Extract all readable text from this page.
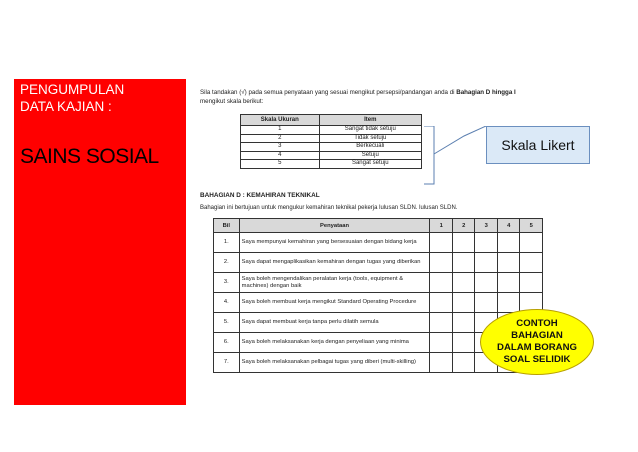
PENGUMPULAN
DATA KAJIAN :
SAINS SOSIAL
Sila tandakan (√) pada semua penyataan yang sesuai mengikut persepsi/pandangan anda di Bahagian D hingga I mengikut skala berikut:
Skala Ukuran	Item
1	Sangat tidak setuju
2	Tidak setuju
3	Berkecuali
4	Setuju
5	Sangat setuju
BAHAGIAN D : KEMAHIRAN TEKNIKAL
Bahagian ini bertujuan untuk mengukur kemahiran teknikal pekerja lulusan SLDN. lulusan SLDN.
Bil	Penyataan	1	2	3	4	5
1.	Saya mempunyai kemahiran yang bersesuaian dengan bidang kerja					
2.	Saya dapat mengaplikasikan kemahiran dengan tugas yang diberikan					
3.	Saya boleh mengendalikan peralatan kerja (tools, equipment & machines) dengan baik					
4.	Saya boleh membuat kerja mengikut Standard Operating Procedure					
5.	Saya dapat membuat kerja tanpa perlu dilatih semula					
6.	Saya boleh melaksanakan kerja dengan penyeliaan yang minima					
7.	Saya boleh melaksanakan pelbagai tugas yang diberi (multi-skilling)					
Skala Likert
CONTOH
BAHAGIAN
DALAM BORANG
SOAL SELIDIK
